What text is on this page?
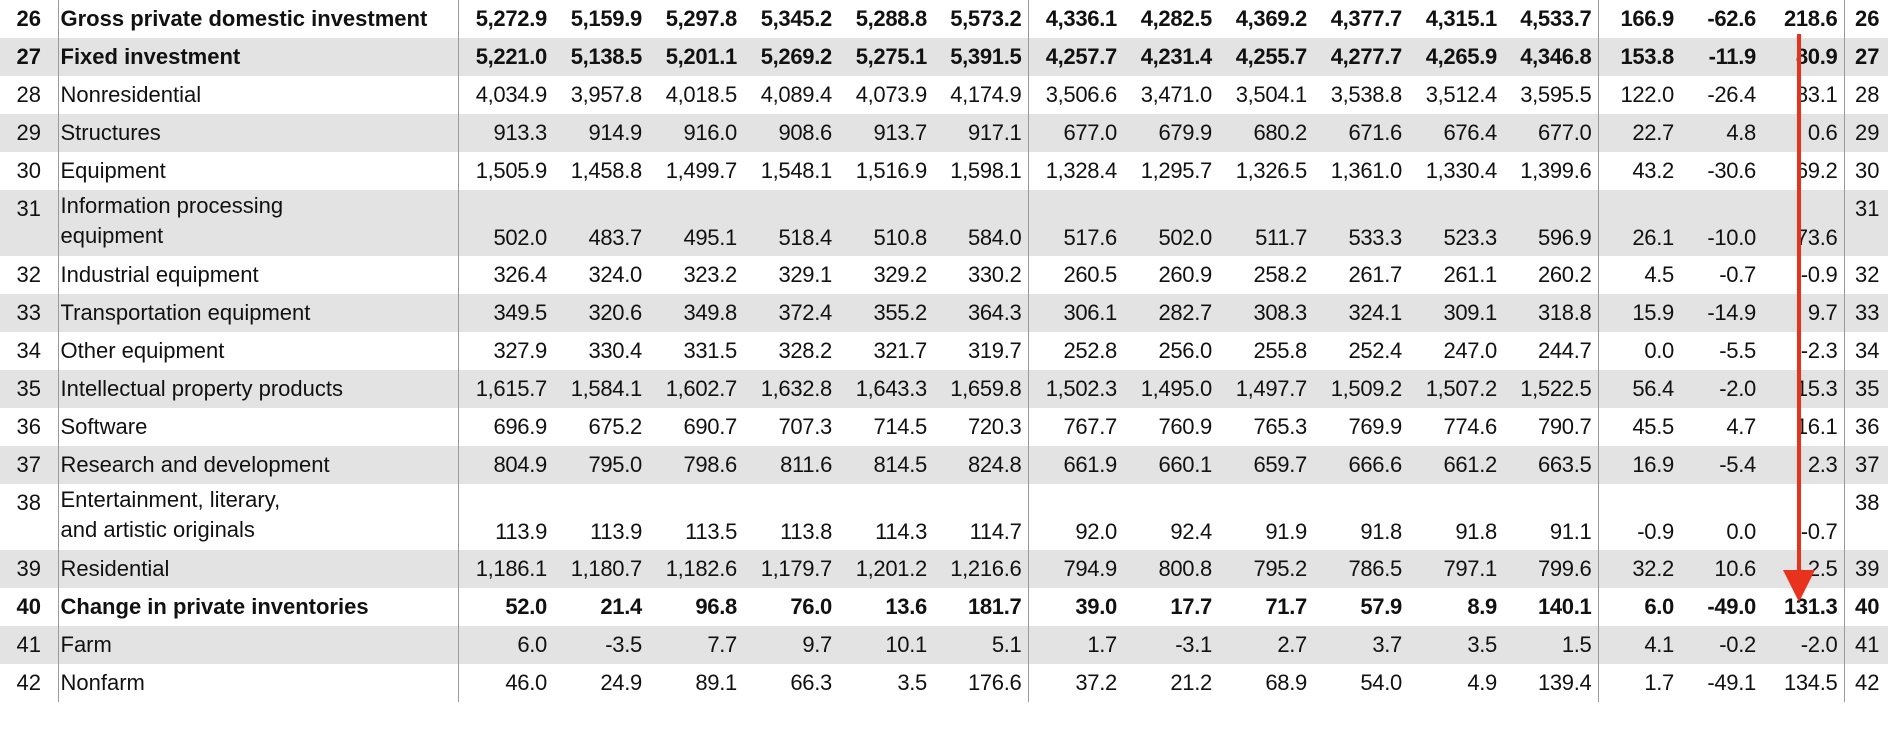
26	Gross private domestic investment	5,272.9	5,159.9	5,297.8	5,345.2	5,288.8	5,573.2	4,336.1	4,282.5	4,369.2	4,377.7	4,315.1	4,533.7	166.9	-62.6	218.6	26
27	Fixed investment	5,221.0	5,138.5	5,201.1	5,269.2	5,275.1	5,391.5	4,257.7	4,231.4	4,255.7	4,277.7	4,265.9	4,346.8	153.8	-11.9	80.9	27
28	Nonresidential	4,034.9	3,957.8	4,018.5	4,089.4	4,073.9	4,174.9	3,506.6	3,471.0	3,504.1	3,538.8	3,512.4	3,595.5	122.0	-26.4	83.1	28
29	Structures	913.3	914.9	916.0	908.6	913.7	917.1	677.0	679.9	680.2	671.6	676.4	677.0	22.7	4.8	0.6	29
30	Equipment	1,505.9	1,458.8	1,499.7	1,548.1	1,516.9	1,598.1	1,328.4	1,295.7	1,326.5	1,361.0	1,330.4	1,399.6	43.2	-30.6	69.2	30
31	Information processing
equipment	502.0	483.7	495.1	518.4	510.8	584.0	517.6	502.0	511.7	533.3	523.3	596.9	26.1	-10.0	73.6	31
32	Industrial equipment	326.4	324.0	323.2	329.1	329.2	330.2	260.5	260.9	258.2	261.7	261.1	260.2	4.5	-0.7	-0.9	32
33	Transportation equipment	349.5	320.6	349.8	372.4	355.2	364.3	306.1	282.7	308.3	324.1	309.1	318.8	15.9	-14.9	9.7	33
34	Other equipment	327.9	330.4	331.5	328.2	321.7	319.7	252.8	256.0	255.8	252.4	247.0	244.7	0.0	-5.5	-2.3	34
35	Intellectual property products	1,615.7	1,584.1	1,602.7	1,632.8	1,643.3	1,659.8	1,502.3	1,495.0	1,497.7	1,509.2	1,507.2	1,522.5	56.4	-2.0	15.3	35
36	Software	696.9	675.2	690.7	707.3	714.5	720.3	767.7	760.9	765.3	769.9	774.6	790.7	45.5	4.7	16.1	36
37	Research and development	804.9	795.0	798.6	811.6	814.5	824.8	661.9	660.1	659.7	666.6	661.2	663.5	16.9	-5.4	2.3	37
38	Entertainment, literary,
and artistic originals	113.9	113.9	113.5	113.8	114.3	114.7	92.0	92.4	91.9	91.8	91.8	91.1	-0.9	0.0	-0.7	38
39	Residential	1,186.1	1,180.7	1,182.6	1,179.7	1,201.2	1,216.6	794.9	800.8	795.2	786.5	797.1	799.6	32.2	10.6	2.5	39
40	Change in private inventories	52.0	21.4	96.8	76.0	13.6	181.7	39.0	17.7	71.7	57.9	8.9	140.1	6.0	-49.0	131.3	40
41	Farm	6.0	-3.5	7.7	9.7	10.1	5.1	1.7	-3.1	2.7	3.7	3.5	1.5	4.1	-0.2	-2.0	41
42	Nonfarm	46.0	24.9	89.1	66.3	3.5	176.6	37.2	21.2	68.9	54.0	4.9	139.4	1.7	-49.1	134.5	42
